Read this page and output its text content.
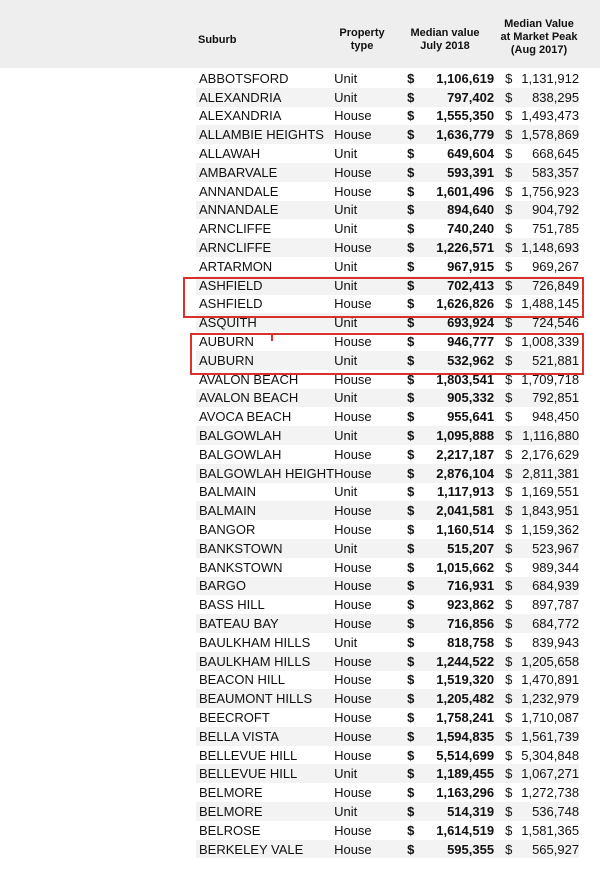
Suburb
Property
type
Median value
July 2018
Median Value
at Market Peak
(Aug 2017)
ABBOTSFORD	Unit	$	1,106,619		$	1,131,912
ALEXANDRIA	Unit	$	797,402		$	838,295
ALEXANDRIA	House	$	1,555,350		$	1,493,473
ALLAMBIE HEIGHTS	House	$	1,636,779		$	1,578,869
ALLAWAH	Unit	$	649,604		$	668,645
AMBARVALE	House	$	593,391		$	583,357
ANNANDALE	House	$	1,601,496		$	1,756,923
ANNANDALE	Unit	$	894,640		$	904,792
ARNCLIFFE	Unit	$	740,240		$	751,785
ARNCLIFFE	House	$	1,226,571		$	1,148,693
ARTARMON	Unit	$	967,915		$	969,267
ASHFIELD	Unit	$	702,413		$	726,849
ASHFIELD	House	$	1,626,826		$	1,488,145
ASQUITH	Unit	$	693,924		$	724,546
AUBURN	House	$	946,777		$	1,008,339
AUBURN	Unit	$	532,962		$	521,881
AVALON BEACH	House	$	1,803,541		$	1,709,718
AVALON BEACH	Unit	$	905,332		$	792,851
AVOCA BEACH	House	$	955,641		$	948,450
BALGOWLAH	Unit	$	1,095,888		$	1,116,880
BALGOWLAH	House	$	2,217,187		$	2,176,629
BALGOWLAH HEIGHT	House	$	2,876,104		$	2,811,381
BALMAIN	Unit	$	1,117,913		$	1,169,551
BALMAIN	House	$	2,041,581		$	1,843,951
BANGOR	House	$	1,160,514		$	1,159,362
BANKSTOWN	Unit	$	515,207		$	523,967
BANKSTOWN	House	$	1,015,662		$	989,344
BARGO	House	$	716,931		$	684,939
BASS HILL	House	$	923,862		$	897,787
BATEAU BAY	House	$	716,856		$	684,772
BAULKHAM HILLS	Unit	$	818,758		$	839,943
BAULKHAM HILLS	House	$	1,244,522		$	1,205,658
BEACON HILL	House	$	1,519,320		$	1,470,891
BEAUMONT HILLS	House	$	1,205,482		$	1,232,979
BEECROFT	House	$	1,758,241		$	1,710,087
BELLA VISTA	House	$	1,594,835		$	1,561,739
BELLEVUE HILL	House	$	5,514,699		$	5,304,848
BELLEVUE HILL	Unit	$	1,189,455		$	1,067,271
BELMORE	House	$	1,163,296		$	1,272,738
BELMORE	Unit	$	514,319		$	536,748
BELROSE	House	$	1,614,519		$	1,581,365
BERKELEY VALE	House	$	595,355		$	565,927
